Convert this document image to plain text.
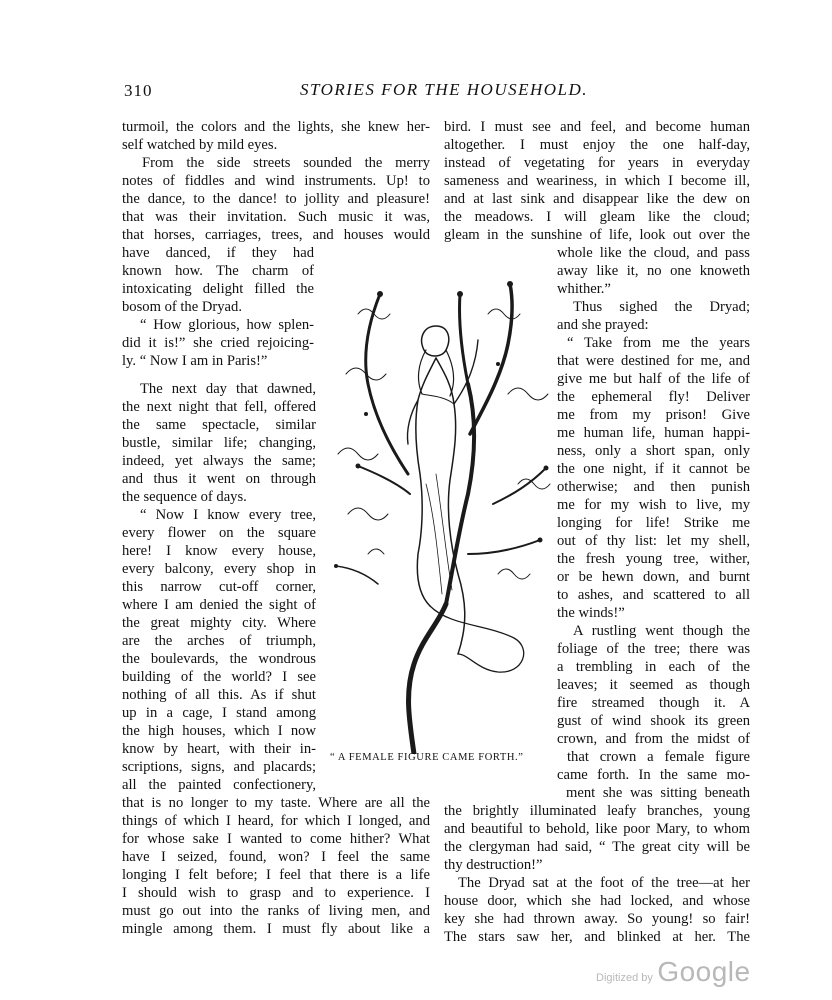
310	STORIES FOR THE HOUSEHOLD.
turmoil, the colors and the lights, she knew her-
self watched by mild eyes.
From the side streets sounded the merry
notes of fiddles and wind instruments. Up! to
the dance, to the dance! to jollity and pleasure!
that was their invitation. Such music it was,
that horses, carriages, trees, and houses would
have danced, if they had
known how. The charm of
intoxicating delight filled the
bosom of the Dryad.
“ How glorious, how splen-
did it is!” she cried rejoicing-
ly. “ Now I am in Paris!”
The next day that dawned,
the next night that fell, offered
the same spectacle, similar
bustle, similar life; changing,
indeed, yet always the same;
and thus it went on through
the sequence of days.
“ Now I know every tree,
every flower on the square
here! I know every house,
every balcony, every shop in
this narrow cut-off corner,
where I am denied the sight of
the great mighty city. Where
are the arches of triumph,
the boulevards, the wondrous
building of the world? I see
nothing of all this. As if shut
up in a cage, I stand among
the high houses, which I now
know by heart, with their in-
scriptions, signs, and placards;
all the painted confectionery,
that is no longer to my taste. Where are all the
things of which I heard, for which I longed, and
for whose sake I wanted to come hither? What
have I seized, found, won? I feel the same
longing I felt before; I feel that there is a life
I should wish to grasp and to experience. I
must go out into the ranks of living men, and
mingle among them. I must fly about like a
bird. I must see and feel, and become human
altogether. I must enjoy the one half-day,
instead of vegetating for years in everyday
sameness and weariness, in which I become ill,
and at last sink and disappear like the dew on
the meadows. I will gleam like the cloud;
gleam in the sunshine of life, look out over the
whole like the cloud, and pass
away like it, no one knoweth
whither.”
Thus sighed the Dryad;
and she prayed:
“ Take from me the years
that were destined for me, and
give me but half of the life of
the ephemeral fly! Deliver
me from my prison! Give
me human life, human happi-
ness, only a short span, only
the one night, if it cannot be
otherwise; and then punish
me for my wish to live, my
longing for life! Strike me
out of thy list: let my shell,
the fresh young tree, wither,
or be hewn down, and burnt
to ashes, and scattered to all
the winds!”
A rustling went though the
foliage of the tree; there was
a trembling in each of the
leaves; it seemed as though
fire streamed though it. A
gust of wind shook its green
crown, and from the midst of
that crown a female figure
came forth. In the same mo-
ment she was sitting beneath
the brightly illuminated leafy branches, young
and beautiful to behold, like poor Mary, to whom
the clergyman had said, “ The great city will be
thy destruction!”
The Dryad sat at the foot of the tree—at her
house door, which she had locked, and whose
key she had thrown away. So young! so fair!
The stars saw her, and blinked at her. The
“ A FEMALE FIGURE CAME FORTH.”
Digitized by Google
